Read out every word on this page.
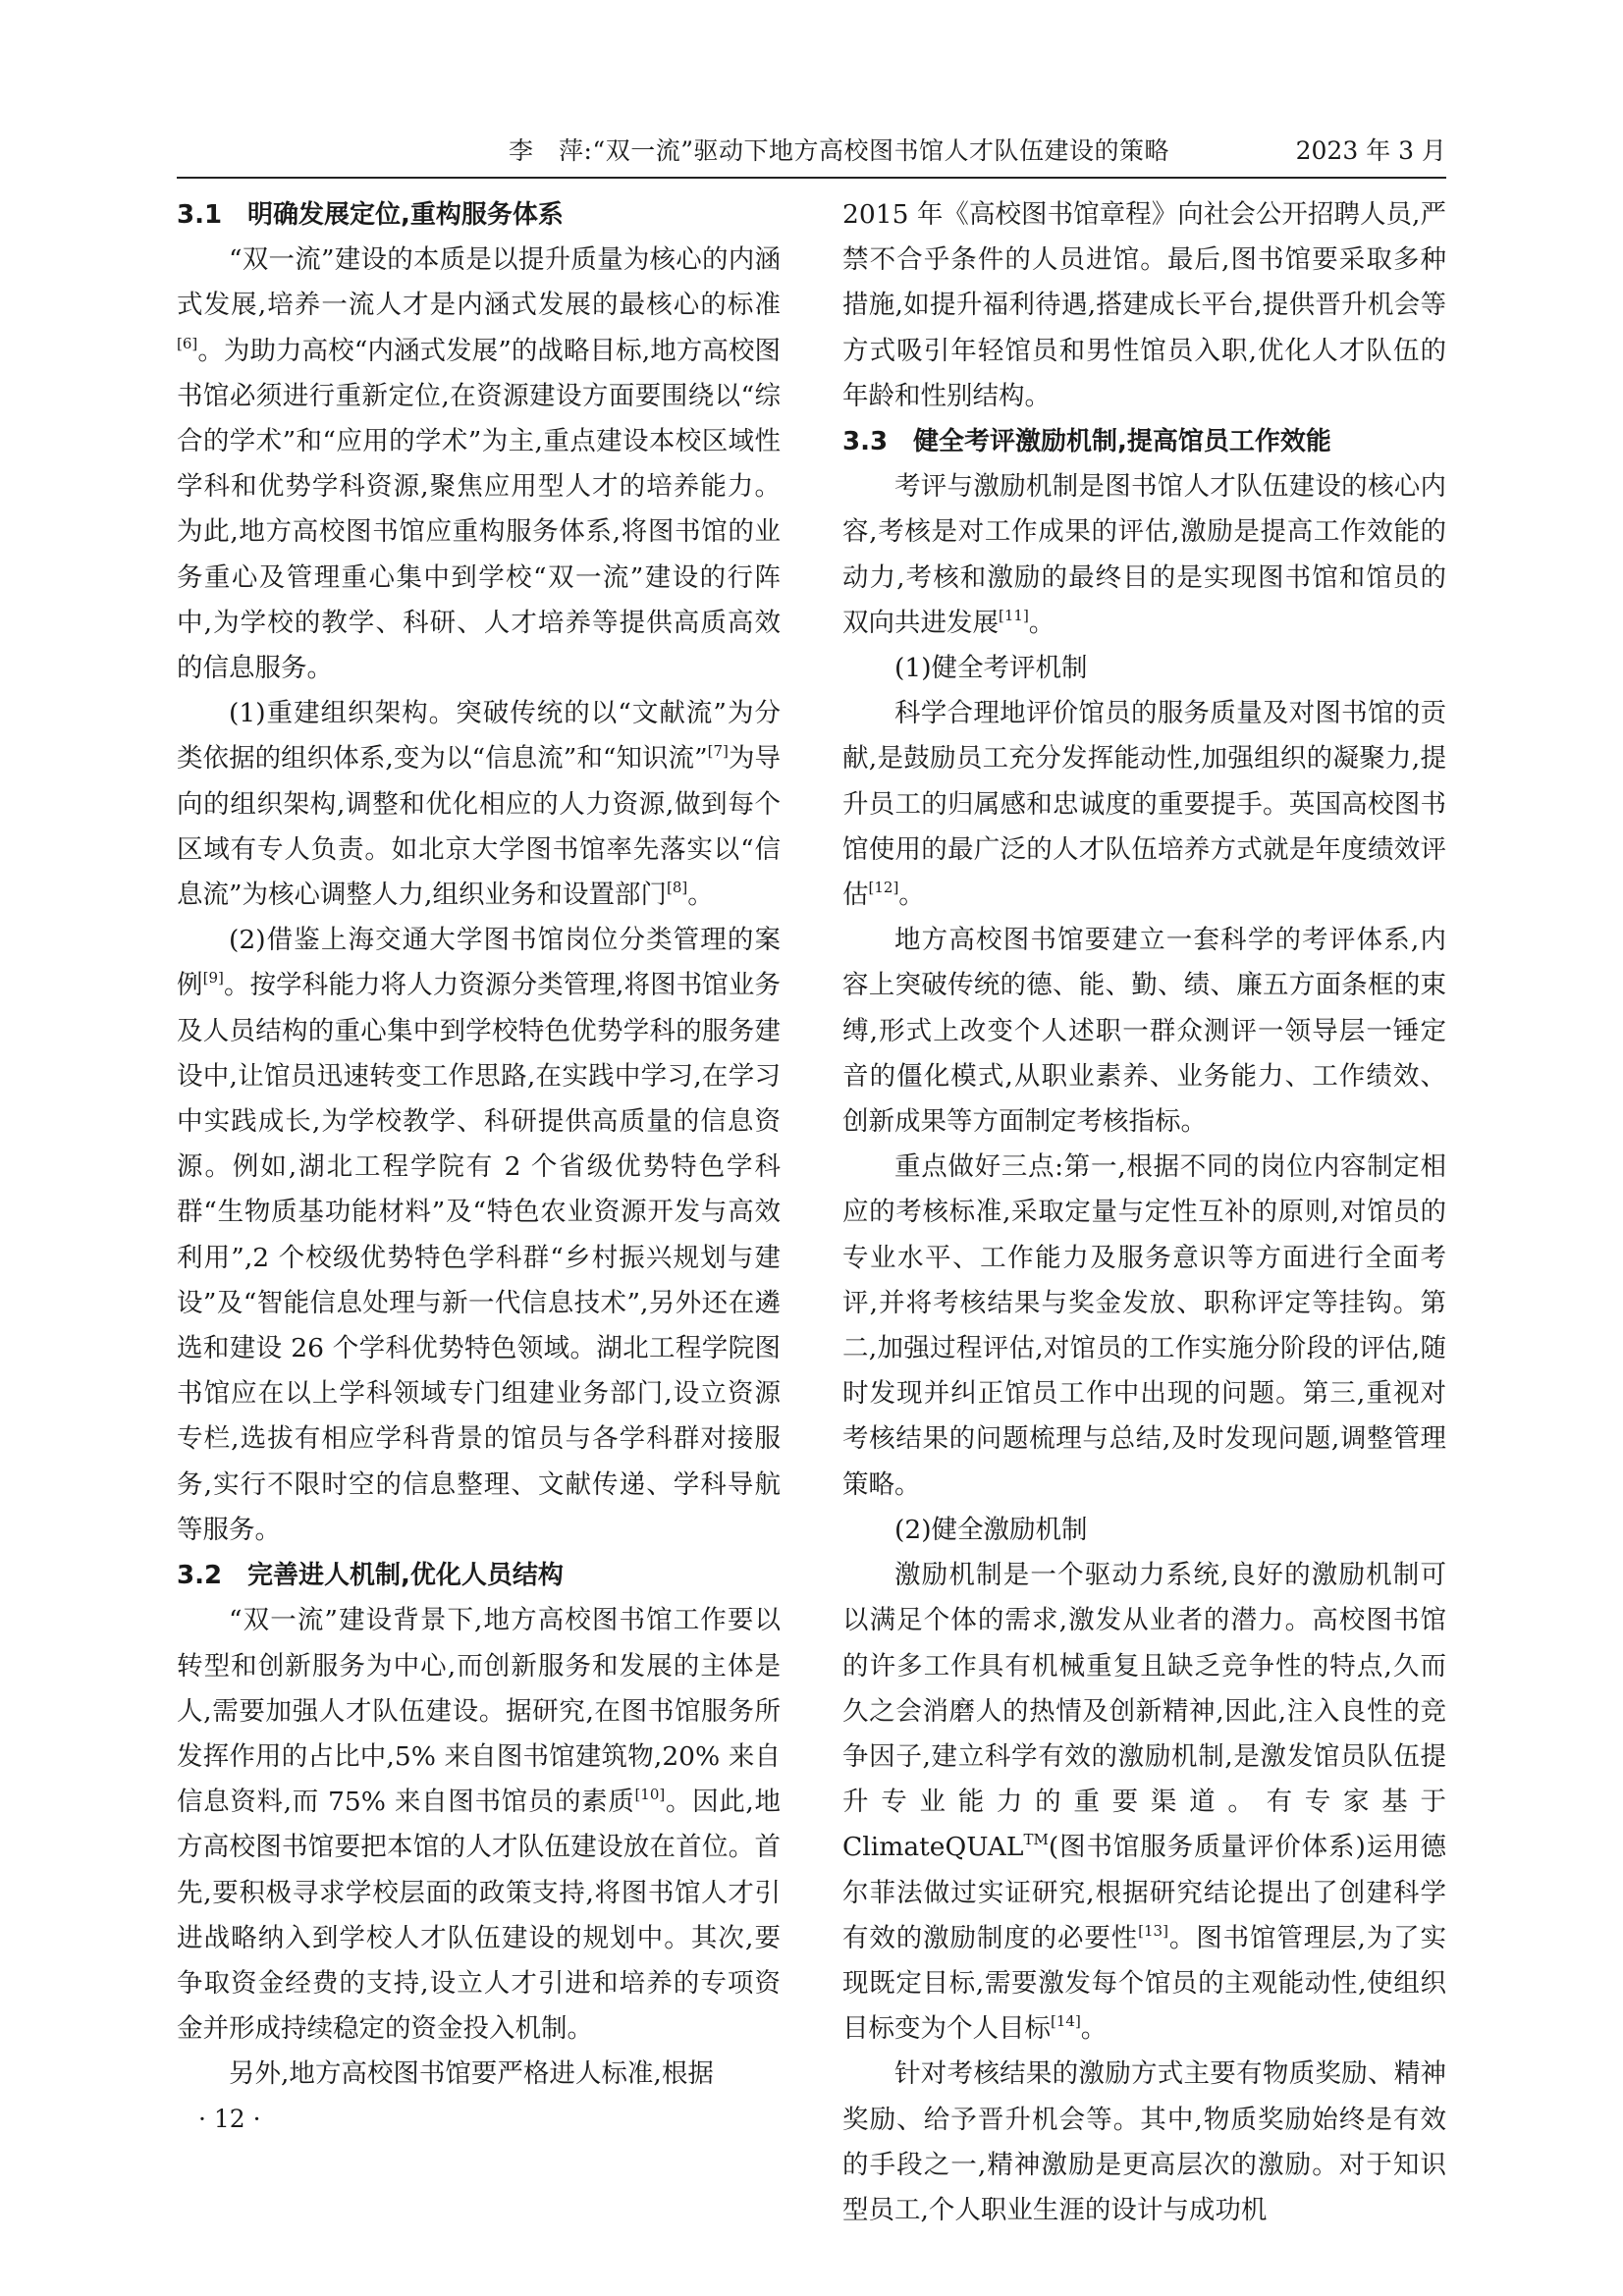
李　萍:“双一流”驱动下地方高校图书馆人才队伍建设的策略	2023 年 3 月
3.1 明确发展定位,重构服务体系

“双一流”建设的本质是以提升质量为核心的内涵式发展,培养一流人才是内涵式发展的最核心的标准[6]。为助力高校“内涵式发展”的战略目标,地方高校图书馆必须进行重新定位,在资源建设方面要围绕以“综合的学术”和“应用的学术”为主,重点建设本校区域性学科和优势学科资源,聚焦应用型人才的培养能力。为此,地方高校图书馆应重构服务体系,将图书馆的业务重心及管理重心集中到学校“双一流”建设的行阵中,为学校的教学、科研、人才培养等提供高质高效的信息服务。

(1)重建组织架构。突破传统的以“文献流”为分类依据的组织体系,变为以“信息流”和“知识流”[7]为导向的组织架构,调整和优化相应的人力资源,做到每个区域有专人负责。如北京大学图书馆率先落实以“信息流”为核心调整人力,组织业务和设置部门[8]。

(2)借鉴上海交通大学图书馆岗位分类管理的案例[9]。按学科能力将人力资源分类管理,将图书馆业务及人员结构的重心集中到学校特色优势学科的服务建设中,让馆员迅速转变工作思路,在实践中学习,在学习中实践成长,为学校教学、科研提供高质量的信息资源。例如,湖北工程学院有 2 个省级优势特色学科群“生物质基功能材料”及“特色农业资源开发与高效利用”,2 个校级优势特色学科群“乡村振兴规划与建设”及“智能信息处理与新一代信息技术”,另外还在遴选和建设 26 个学科优势特色领域。湖北工程学院图书馆应在以上学科领域专门组建业务部门,设立资源专栏,选拔有相应学科背景的馆员与各学科群对接服务,实行不限时空的信息整理、文献传递、学科导航等服务。

3.2 完善进人机制,优化人员结构

“双一流”建设背景下,地方高校图书馆工作要以转型和创新服务为中心,而创新服务和发展的主体是人,需要加强人才队伍建设。据研究,在图书馆服务所发挥作用的占比中,5% 来自图书馆建筑物,20% 来自信息资料,而 75% 来自图书馆员的素质[10]。因此,地方高校图书馆要把本馆的人才队伍建设放在首位。首先,要积极寻求学校层面的政策支持,将图书馆人才引进战略纳入到学校人才队伍建设的规划中。其次,要争取资金经费的支持,设立人才引进和培养的专项资金并形成持续稳定的资金投入机制。

另外,地方高校图书馆要严格进人标准,根据

2015 年《高校图书馆章程》向社会公开招聘人员,严禁不合乎条件的人员进馆。最后,图书馆要采取多种措施,如提升福利待遇,搭建成长平台,提供晋升机会等方式吸引年轻馆员和男性馆员入职,优化人才队伍的年龄和性别结构。

3.3 健全考评激励机制,提高馆员工作效能

考评与激励机制是图书馆人才队伍建设的核心内容,考核是对工作成果的评估,激励是提高工作效能的动力,考核和激励的最终目的是实现图书馆和馆员的双向共进发展[11]。

(1)健全考评机制

科学合理地评价馆员的服务质量及对图书馆的贡献,是鼓励员工充分发挥能动性,加强组织的凝聚力,提升员工的归属感和忠诚度的重要提手。英国高校图书馆使用的最广泛的人才队伍培养方式就是年度绩效评估[12]。

地方高校图书馆要建立一套科学的考评体系,内容上突破传统的德、能、勤、绩、廉五方面条框的束缚,形式上改变个人述职一群众测评一领导层一锤定音的僵化模式,从职业素养、业务能力、工作绩效、创新成果等方面制定考核指标。

重点做好三点:第一,根据不同的岗位内容制定相应的考核标准,采取定量与定性互补的原则,对馆员的专业水平、工作能力及服务意识等方面进行全面考评,并将考核结果与奖金发放、职称评定等挂钩。第二,加强过程评估,对馆员的工作实施分阶段的评估,随时发现并纠正馆员工作中出现的问题。第三,重视对考核结果的问题梳理与总结,及时发现问题,调整管理策略。

(2)健全激励机制

激励机制是一个驱动力系统,良好的激励机制可以满足个体的需求,激发从业者的潜力。高校图书馆的许多工作具有机械重复且缺乏竞争性的特点,久而久之会消磨人的热情及创新精神,因此,注入良性的竞争因子,建立科学有效的激励机制,是激发馆员队伍提升专业能力的重要渠道。有专家基于 ClimateQUAL™(图书馆服务质量评价体系)运用德尔菲法做过实证研究,根据研究结论提出了创建科学有效的激励制度的必要性[13]。图书馆管理层,为了实现既定目标,需要激发每个馆员的主观能动性,使组织目标变为个人目标[14]。

针对考核结果的激励方式主要有物质奖励、精神奖励、给予晋升机会等。其中,物质奖励始终是有效的手段之一,精神激励是更高层次的激励。对于知识型员工,个人职业生涯的设计与成功机

· 12 ·
